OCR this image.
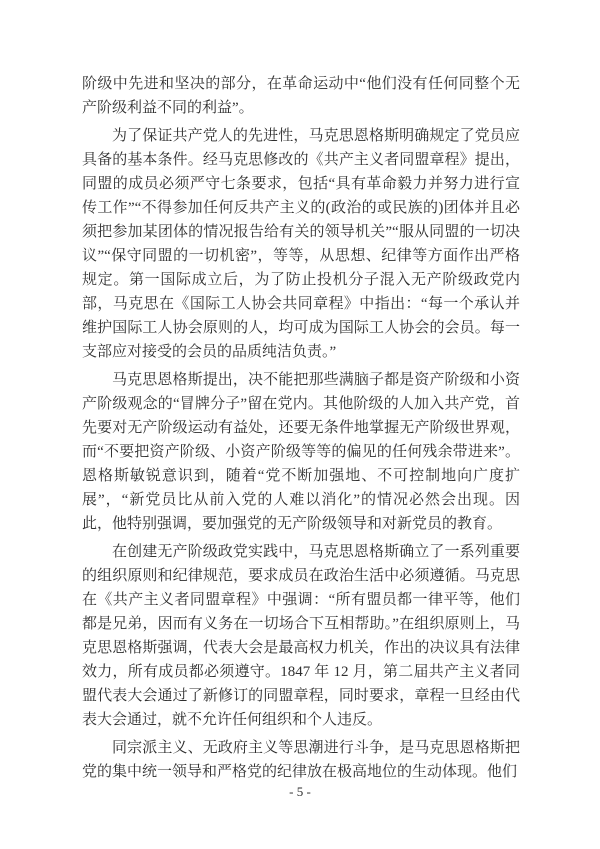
阶级中先进和坚决的部分，在革命运动中“他们没有任何同整个无产阶级利益不同的利益”。

为了保证共产党人的先进性，马克思恩格斯明确规定了党员应具备的基本条件。经马克思修改的《共产主义者同盟章程》提出，同盟的成员必须严守七条要求，包括“具有革命毅力并努力进行宣传工作”“不得参加任何反共产主义的(政治的或民族的)团体并且必须把参加某团体的情况报告给有关的领导机关”“服从同盟的一切决议”“保守同盟的一切机密”，等等，从思想、纪律等方面作出严格规定。第一国际成立后，为了防止投机分子混入无产阶级政党内部，马克思在《国际工人协会共同章程》中指出：“每一个承认并维护国际工人协会原则的人，均可成为国际工人协会的会员。每一支部应对接受的会员的品质纯洁负责。”

马克思恩格斯提出，决不能把那些满脑子都是资产阶级和小资产阶级观念的“冒牌分子”留在党内。其他阶级的人加入共产党，首先要对无产阶级运动有益处，还要无条件地掌握无产阶级世界观，而“不要把资产阶级、小资产阶级等等的偏见的任何残余带进来”。恩格斯敏锐意识到，随着“党不断加强地、不可控制地向广度扩展”，“新党员比从前入党的人难以消化”的情况必然会出现。因此，他特别强调，要加强党的无产阶级领导和对新党员的教育。

在创建无产阶级政党实践中，马克思恩格斯确立了一系列重要的组织原则和纪律规范，要求成员在政治生活中必须遵循。马克思在《共产主义者同盟章程》中强调：“所有盟员都一律平等，他们都是兄弟，因而有义务在一切场合下互相帮助。”在组织原则上，马克思恩格斯强调，代表大会是最高权力机关，作出的决议具有法律效力，所有成员都必须遵守。1847 年 12 月，第二届共产主义者同盟代表大会通过了新修订的同盟章程，同时要求，章程一旦经由代表大会通过，就不允许任何组织和个人违反。

同宗派主义、无政府主义等思潮进行斗争，是马克思恩格斯把党的集中统一领导和严格党的纪律放在极高地位的生动体现。他们

- 5 -
